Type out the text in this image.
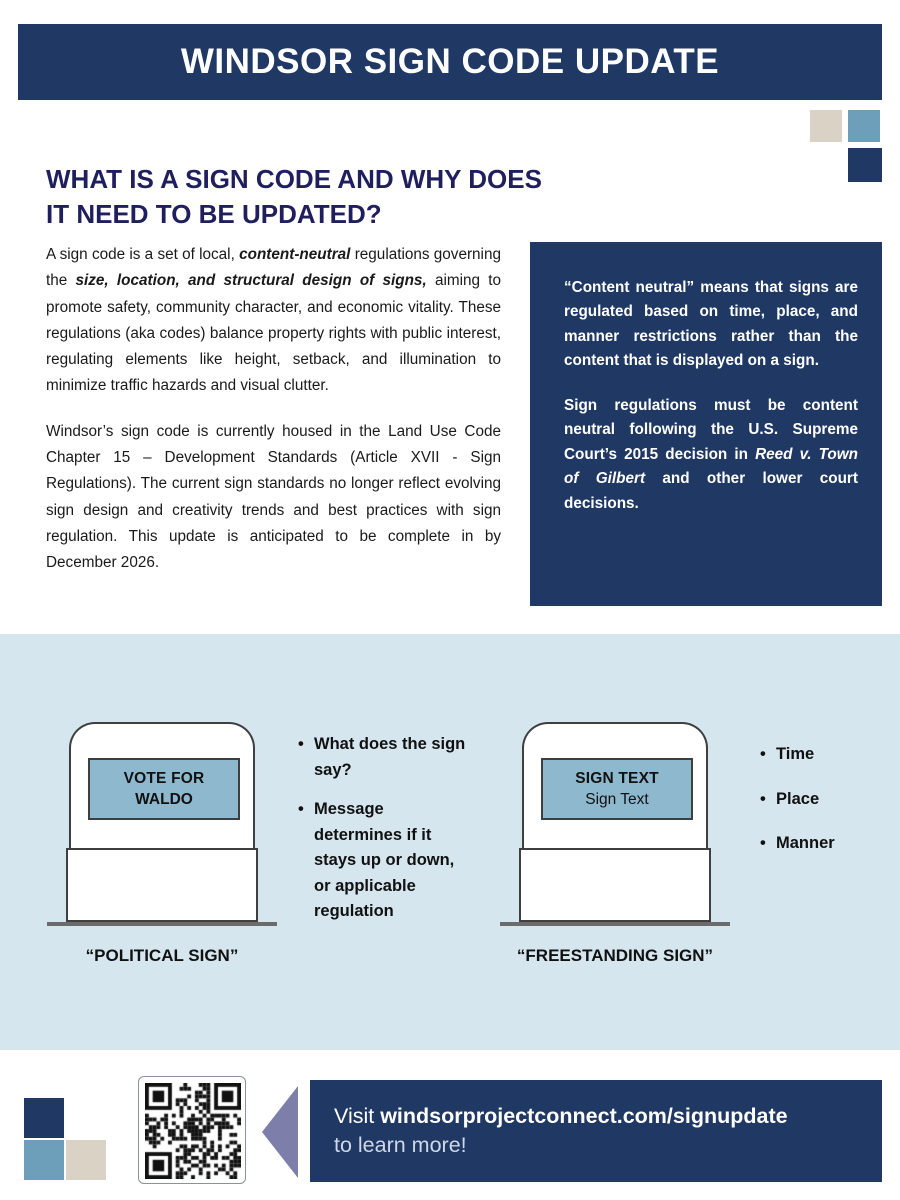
WINDSOR SIGN CODE UPDATE
WHAT IS A SIGN CODE AND WHY DOES IT NEED TO BE UPDATED?

A sign code is a set of local, content-neutral regulations governing the size, location, and structural design of signs, aiming to promote safety, community character, and economic vitality. These regulations (aka codes) balance property rights with public interest, regulating elements like height, setback, and illumination to minimize traffic hazards and visual clutter.

Windsor’s sign code is currently housed in the Land Use Code Chapter 15 – Development Standards (Article XVII - Sign Regulations). The current sign standards no longer reflect evolving sign design and creativity trends and best practices with sign regulation. This update is anticipated to be complete in by December 2026.

“Content neutral” means that signs are regulated based on time, place, and manner restrictions rather than the content that is displayed on a sign.

Sign regulations must be content neutral following the U.S. Supreme Court’s 2015 decision in Reed v. Town of Gilbert and other lower court decisions.

VOTE FOR
WALDO
“POLITICAL SIGN”
• What does the sign say?
• Message determines if it stays up or down, or applicable regulation
SIGN TEXT
Sign Text
“FREESTANDING SIGN”
• Time
• Place
• Manner
Visit windsorprojectconnect.com/signupdate
to learn more!
